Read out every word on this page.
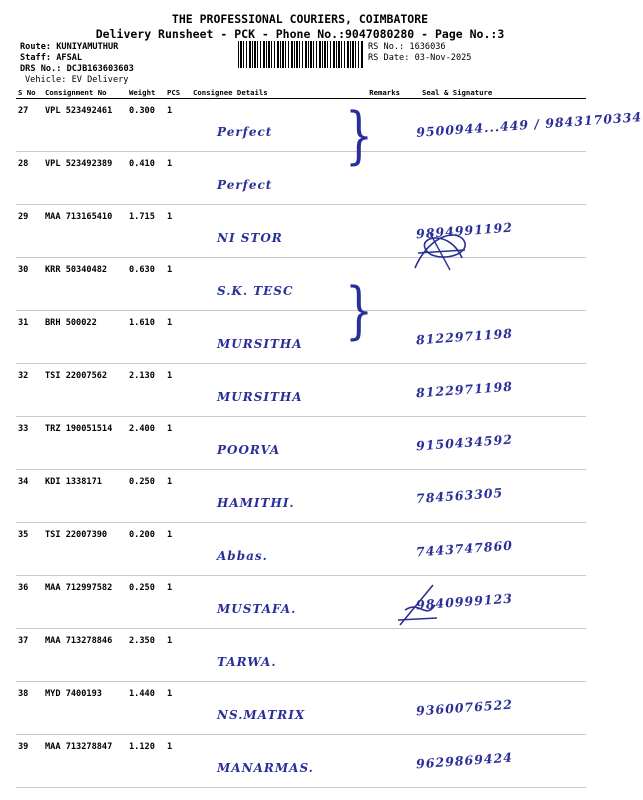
THE PROFESSIONAL COURIERS, COIMBATORE
Delivery Runsheet - PCK - Phone No.:9047080280 - Page No.:3
Route: KUNIYAMUTHUR
Staff: AFSAL
DRS No.: DCJB163603603
Vehicle: EV Delivery
RS No.: 1636036
RS Date: 03-Nov-2025
S No	Consignment No	Weight	PCS	Consignee Details	Remarks	Seal & Signature
27	VPL 523492461	0.300	1	Perfect		9500944...449 / 9843170334

28	VPL 523492389	0.410	1	Perfect		

29	MAA 713165410	1.715	1	NI STOR		9894991192

30	KRR 50340482	0.630	1	S.K. TESC		

31	BRH 500022	1.610	1	MURSITHA		8122971198

32	TSI 22007562	2.130	1	MURSITHA		8122971198

33	TRZ 190051514	2.400	1	POORVA		9150434592

34	KDI 1338171	0.250	1	HAMITHI.		784563305

35	TSI 22007390	0.200	1	Abbas.		7443747860

36	MAA 712997582	0.250	1	MUSTAFA.		9840999123

37	MAA 713278846	2.350	1	TARWA.		

38	MYD 7400193	1.440	1	NS.MATRIX		9360076522

39	MAA 713278847	1.120	1	MANARMAS.		9629869424
}
}
